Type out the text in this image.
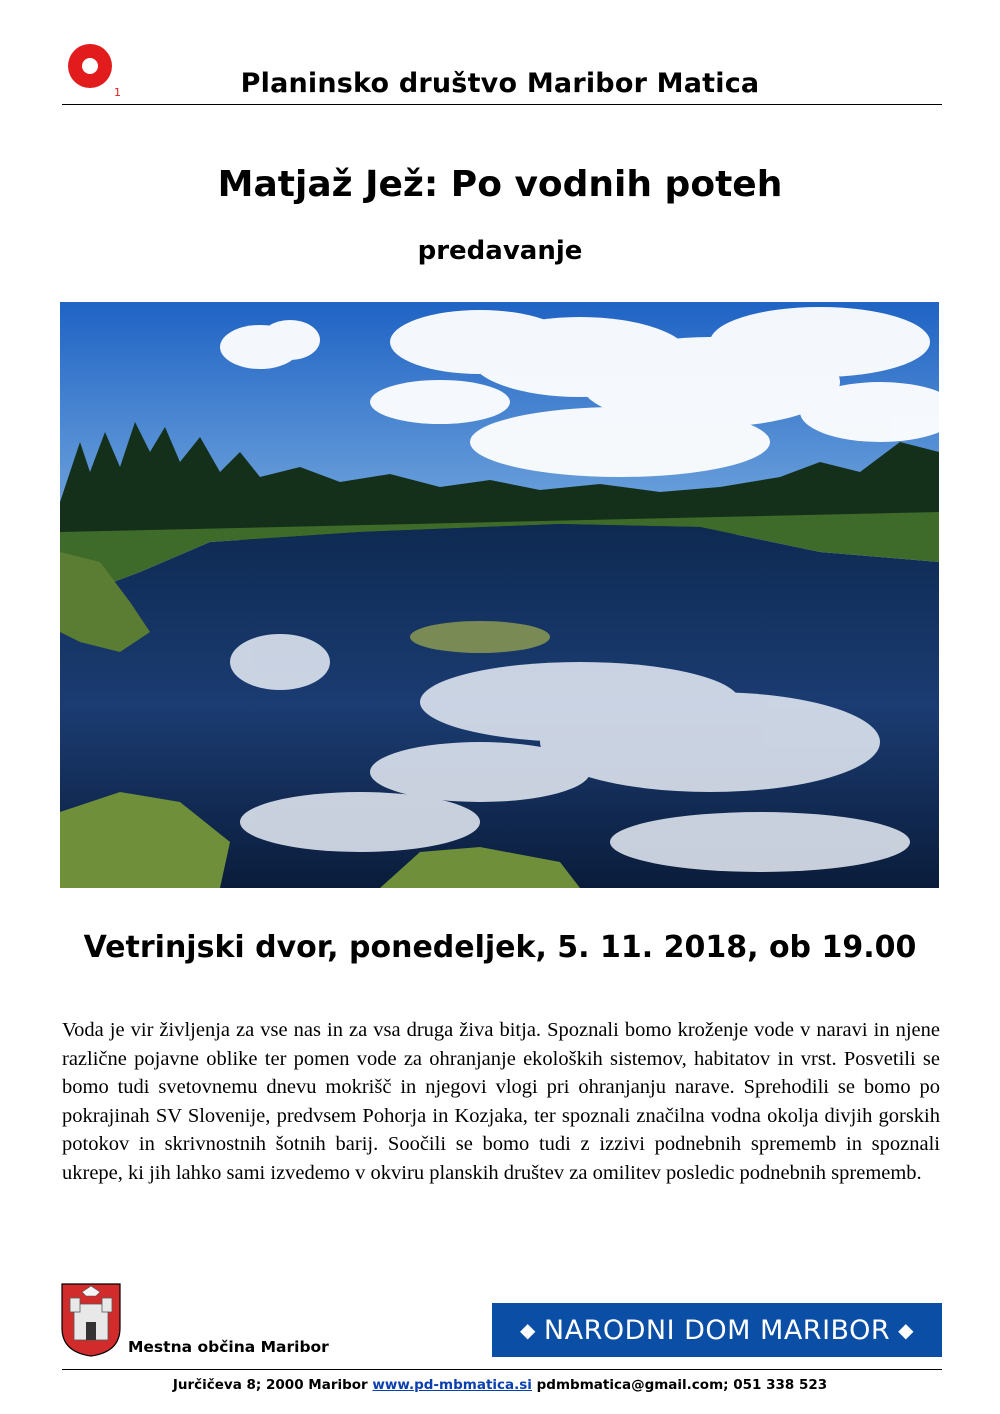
1	Planinsko društvo Maribor Matica
Matjaž Jež: Po vodnih poteh
predavanje
Vetrinjski dvor, ponedeljek, 5. 11. 2018, ob 19.00
Voda je vir življenja za vse nas in za vsa druga živa bitja. Spoznali bomo kroženje vode v naravi in njene različne pojavne oblike ter pomen vode za ohranjanje ekoloških sistemov, habitatov in vrst. Posvetili se bomo tudi svetovnemu dnevu mokrišč in njegovi vlogi pri ohranjanju narave. Sprehodili se bomo po pokrajinah SV Slovenije, predvsem Pohorja in Kozjaka, ter spoznali značilna vodna okolja divjih gorskih potokov in skrivnostnih šotnih barij. Soočili se bomo tudi z izzivi podnebnih sprememb in spoznali ukrepe, ki jih lahko sami izvedemo v okviru planskih društev za omilitev posledic podnebnih sprememb.
Mestna občina Maribor
◆ NARODNI DOM MARIBOR ◆
Jurčičeva 8; 2000 Maribor www.pd-mbmatica.si pdmbmatica@gmail.com; 051 338 523
